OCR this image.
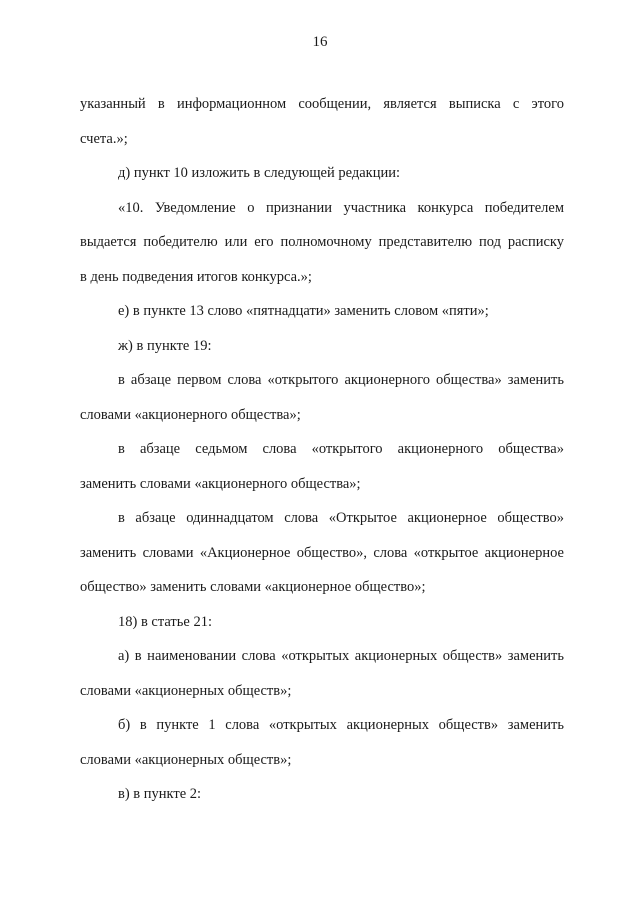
16
указанный в информационном сообщении, является выписка с этого
счета.»;
д) пункт 10 изложить в следующей редакции:
«10. Уведомление о признании участника конкурса победителем
выдается победителю или его полномочному представителю под расписку
в день подведения итогов конкурса.»;
е) в пункте 13 слово «пятнадцати» заменить словом «пяти»;
ж) в пункте 19:
в абзаце первом слова «открытого акционерного общества» заменить
словами «акционерного общества»;
в абзаце седьмом слова «открытого акционерного общества»
заменить словами «акционерного общества»;
в абзаце одиннадцатом слова «Открытое акционерное общество»
заменить словами «Акционерное общество», слова «открытое акционерное
общество» заменить словами «акционерное общество»;
18) в статье 21:
а) в наименовании слова «открытых акционерных обществ» заменить
словами «акционерных обществ»;
б) в пункте 1 слова «открытых акционерных обществ» заменить
словами «акционерных обществ»;
в) в пункте 2:
